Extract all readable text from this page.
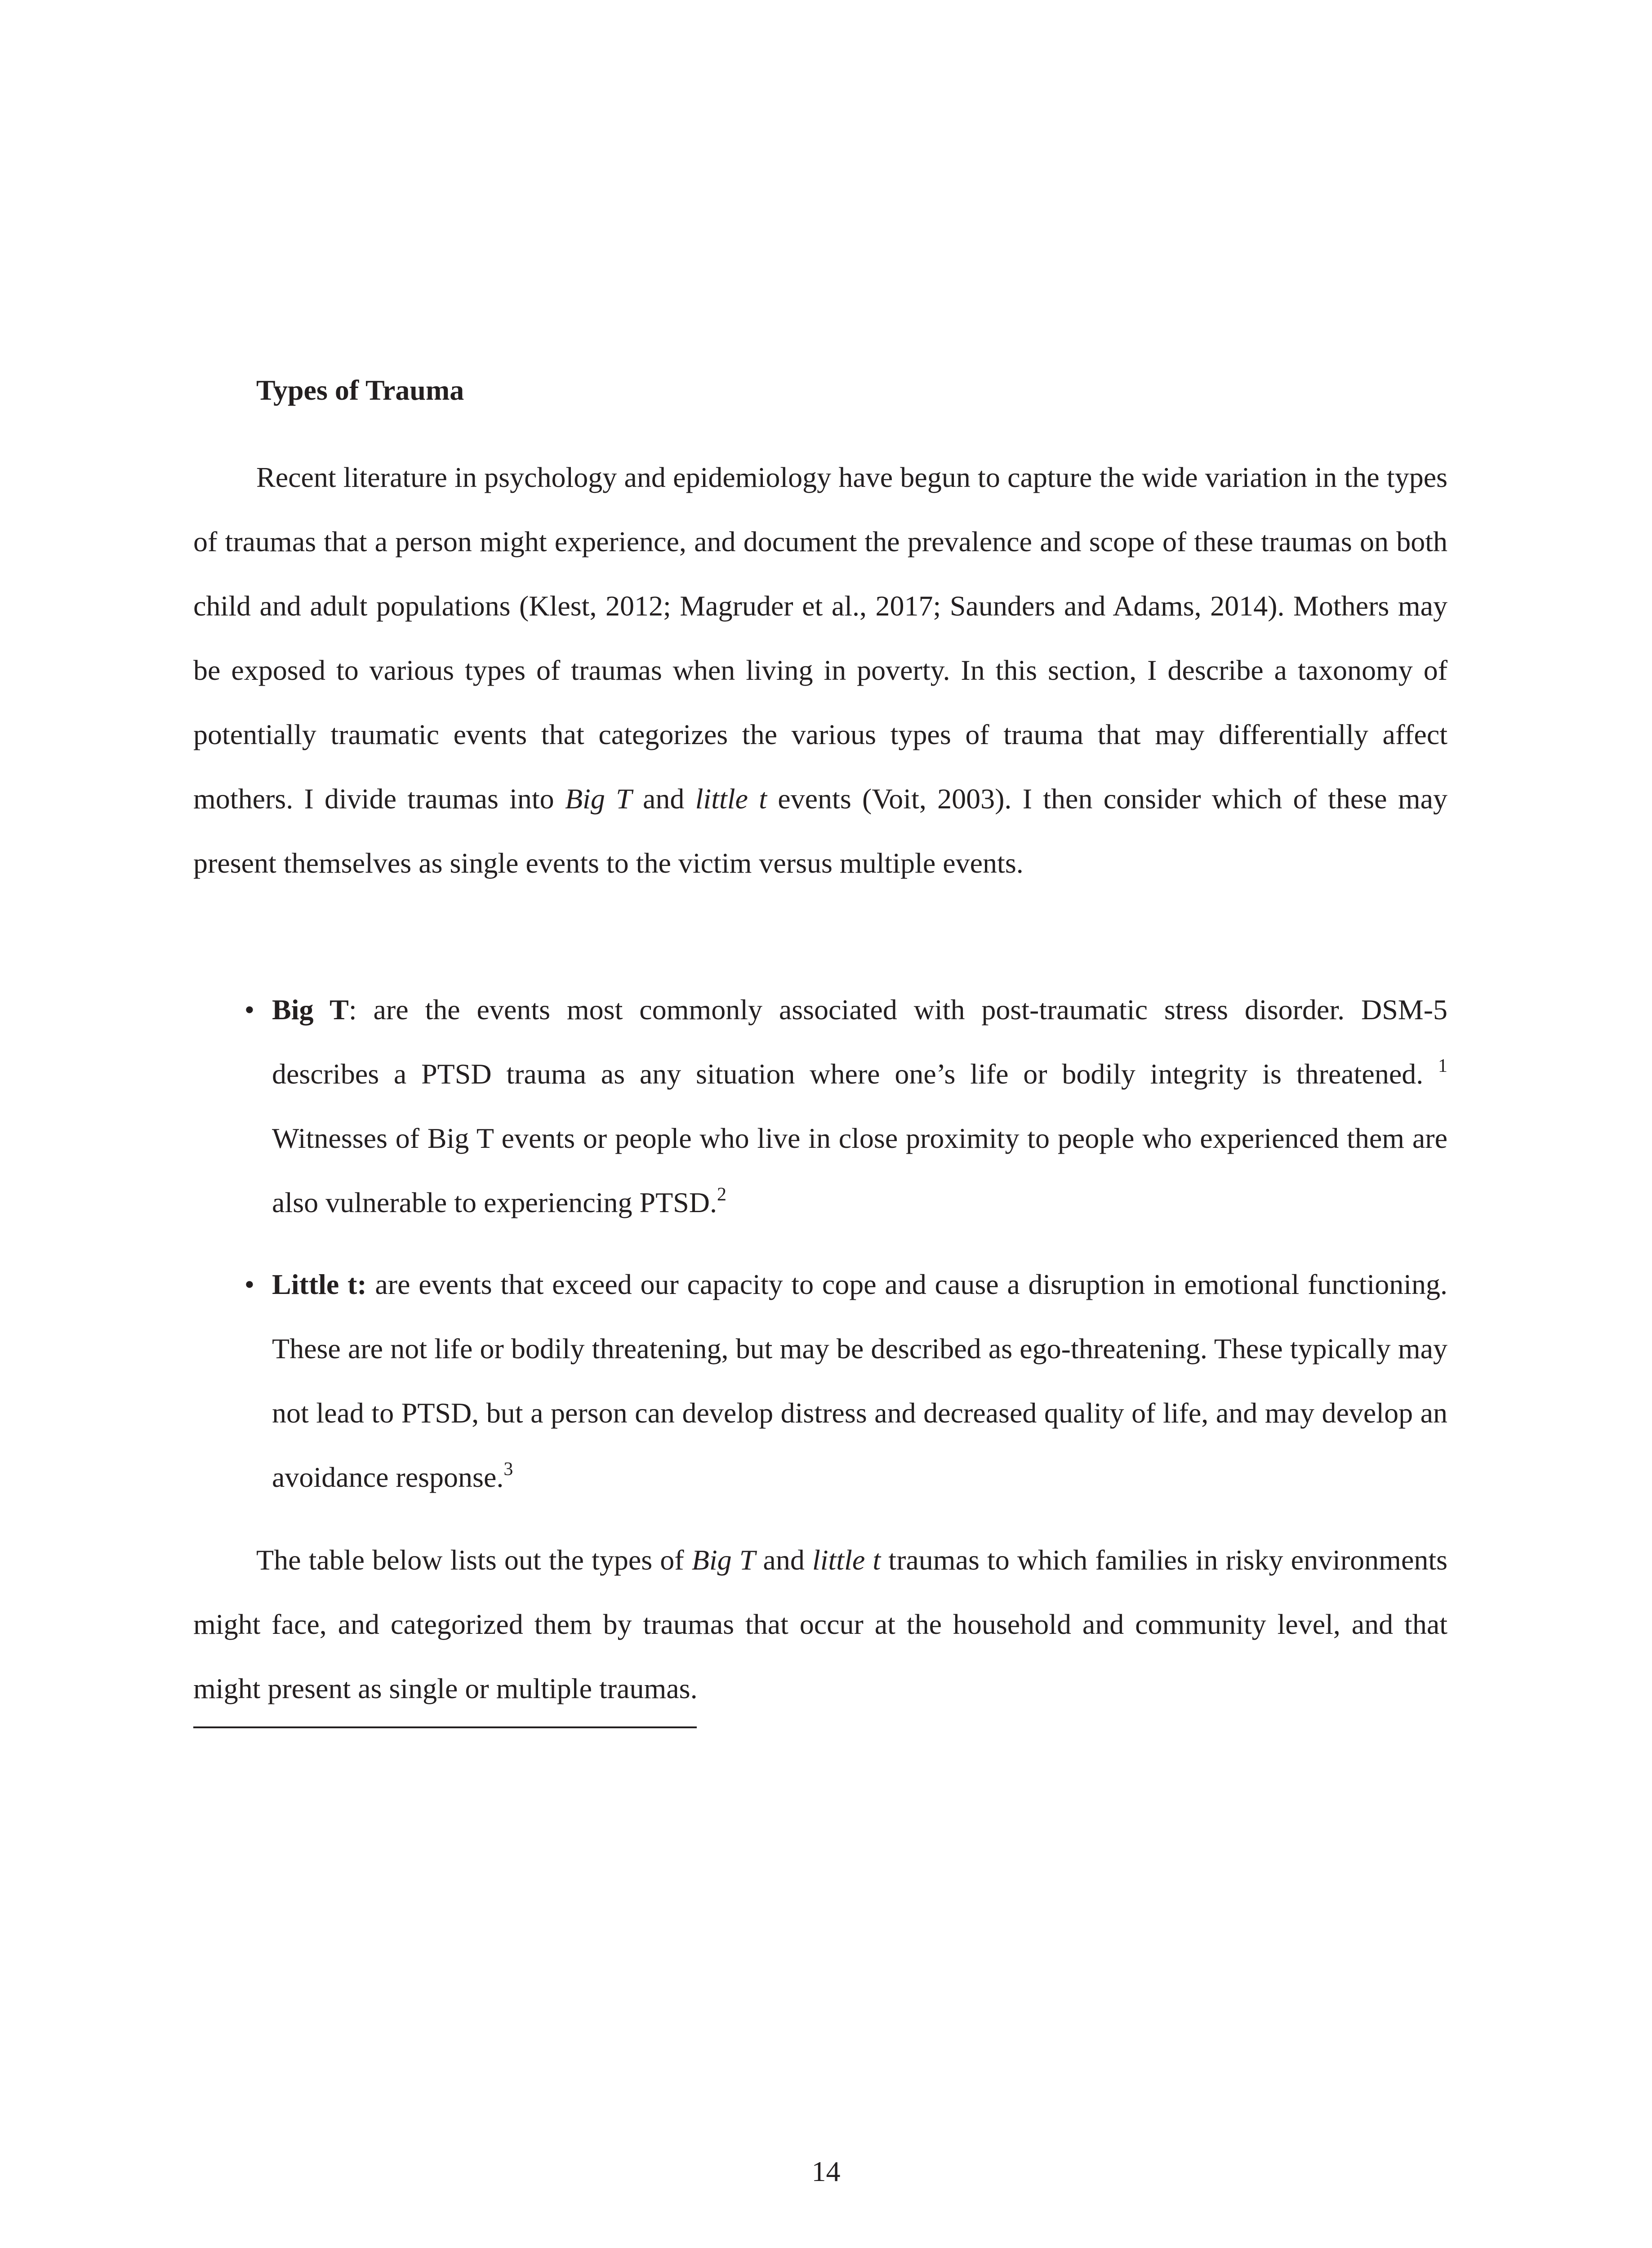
Types of Trauma

Recent literature in psychology and epidemiology have begun to capture the wide variation in the types of traumas that a person might experience, and document the prevalence and scope of these traumas on both child and adult populations (Klest, 2012; Magruder et al., 2017; Saunders and Adams, 2014). Mothers may be exposed to various types of traumas when living in poverty. In this section, I describe a taxonomy of potentially traumatic events that categorizes the various types of trauma that may differentially affect mothers. I divide traumas into Big T and little t events (Voit, 2003). I then consider which of these may present themselves as single events to the victim versus multiple events.

• Big T: are the events most commonly associated with post-traumatic stress disorder. DSM-5 describes a PTSD trauma as any situation where one’s life or bodily integrity is threatened. $^1$ Witnesses of Big T events or people who live in close proximity to people who experienced them are also vulnerable to experiencing PTSD.$^2$

• Little t: are events that exceed our capacity to cope and cause a disruption in emotional functioning. These are not life or bodily threatening, but may be described as ego-threatening. These typically may not lead to PTSD, but a person can develop distress and decreased quality of life, and may develop an avoidance response.$^3$

The table below lists out the types of Big T and little t traumas to which families in risky environments might face, and categorized them by traumas that occur at the household and community level, and that might present as single or multiple traumas.

14
